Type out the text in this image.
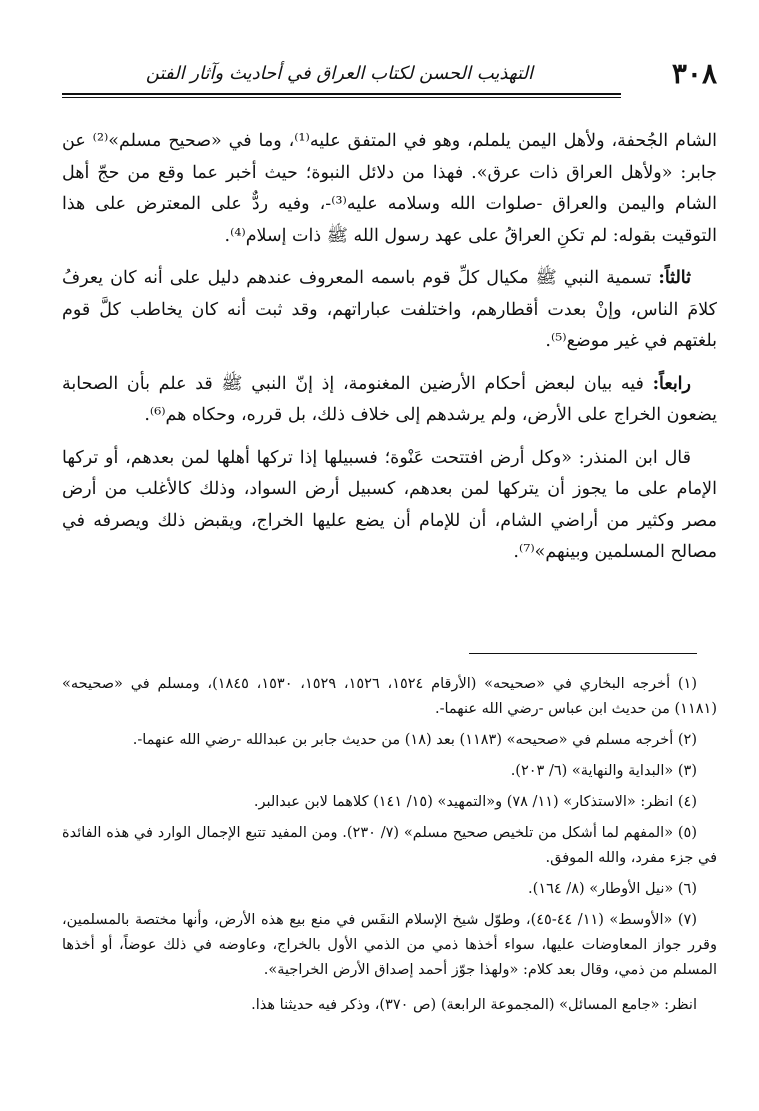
٣٠٨
التهذيب الحسن لكتاب العراق في أحاديث وآثار الفتن

الشام الجُحفة، ولأهل اليمن يلملم، وهو في المتفق عليه⁽¹⁾، وما في «صحيح مسلم»⁽²⁾ عن جابر: «ولأهل العراق ذات عرق». فهذا من دلائل النبوة؛ حيث أخبر عما وقع من حجّ أهل الشام واليمن والعراق -صلوات الله وسلامه عليه⁽³⁾-، وفيه ردٌّ على المعترض على هذا التوقيت بقوله: لم تكنِ العراقُ على عهد رسول الله ﷺ ذات إسلام⁽⁴⁾.

ثالثاً: تسمية النبي ﷺ مكيال كلِّ قوم باسمه المعروف عندهم دليل على أنه كان يعرفُ كلامَ الناس، وإنْ بعدت أقطارهم، واختلفت عباراتهم، وقد ثبت أنه كان يخاطب كلَّ قوم بلغتهم في غير موضع⁽⁵⁾.

رابعاً: فيه بيان لبعض أحكام الأرضين المغنومة، إذ إنّ النبي ﷺ قد علم بأن الصحابة يضعون الخراج على الأرض، ولم يرشدهم إلى خلاف ذلك، بل قرره، وحكاه هم⁽⁶⁾.

قال ابن المنذر: «وكل أرض افتتحت عَنْوة؛ فسبيلها إذا تركها أهلها لمن بعدهم، أو تركها الإمام على ما يجوز أن يتركها لمن بعدهم، كسبيل أرض السواد، وذلك كالأغلب من أرض مصر وكثير من أراضي الشام، أن للإمام أن يضع عليها الخراج، ويقبض ذلك ويصرفه في مصالح المسلمين وبينهم»⁽⁷⁾.

(١) أخرجه البخاري في «صحيحه» (الأرقام ١٥٢٤، ١٥٢٦، ١٥٢٩، ١٥٣٠، ١٨٤٥)، ومسلم في «صحيحه» (١١٨١) من حديث ابن عباس -رضي الله عنهما-.

(٢) أخرجه مسلم في «صحيحه» (١١٨٣) بعد (١٨) من حديث جابر بن عبدالله -رضي الله عنهما-.

(٣) «البداية والنهاية» (٦/ ٢٠٣).

(٤) انظر: «الاستذكار» (١١/ ٧٨) و«التمهيد» (١٥/ ١٤١) كلاهما لابن عبدالبر.

(٥) «المفهم لما أشكل من تلخيص صحيح مسلم» (٧/ ٢٣٠). ومن المفيد تتبع الإجمال الوارد في هذه الفائدة في جزء مفرد، والله الموفق.

(٦) «نيل الأوطار» (٨/ ١٦٤).

(٧) «الأوسط» (١١/ ٤٤-٤٥)، وطوّل شيخ الإسلام النفَس في منع بيع هذه الأرض، وأنها مختصة بالمسلمين، وقرر جواز المعاوضات عليها، سواء أخذها ذمي من الذمي الأول بالخراج، وعاوضه في ذلك عوضاً، أو أخذها المسلم من ذمي، وقال بعد كلام: «ولهذا جوّز أحمد إصداق الأرض الخراجية».

انظر: «جامع المسائل» (المجموعة الرابعة) (ص ٣٧٠)، وذكر فيه حديثنا هذا.
